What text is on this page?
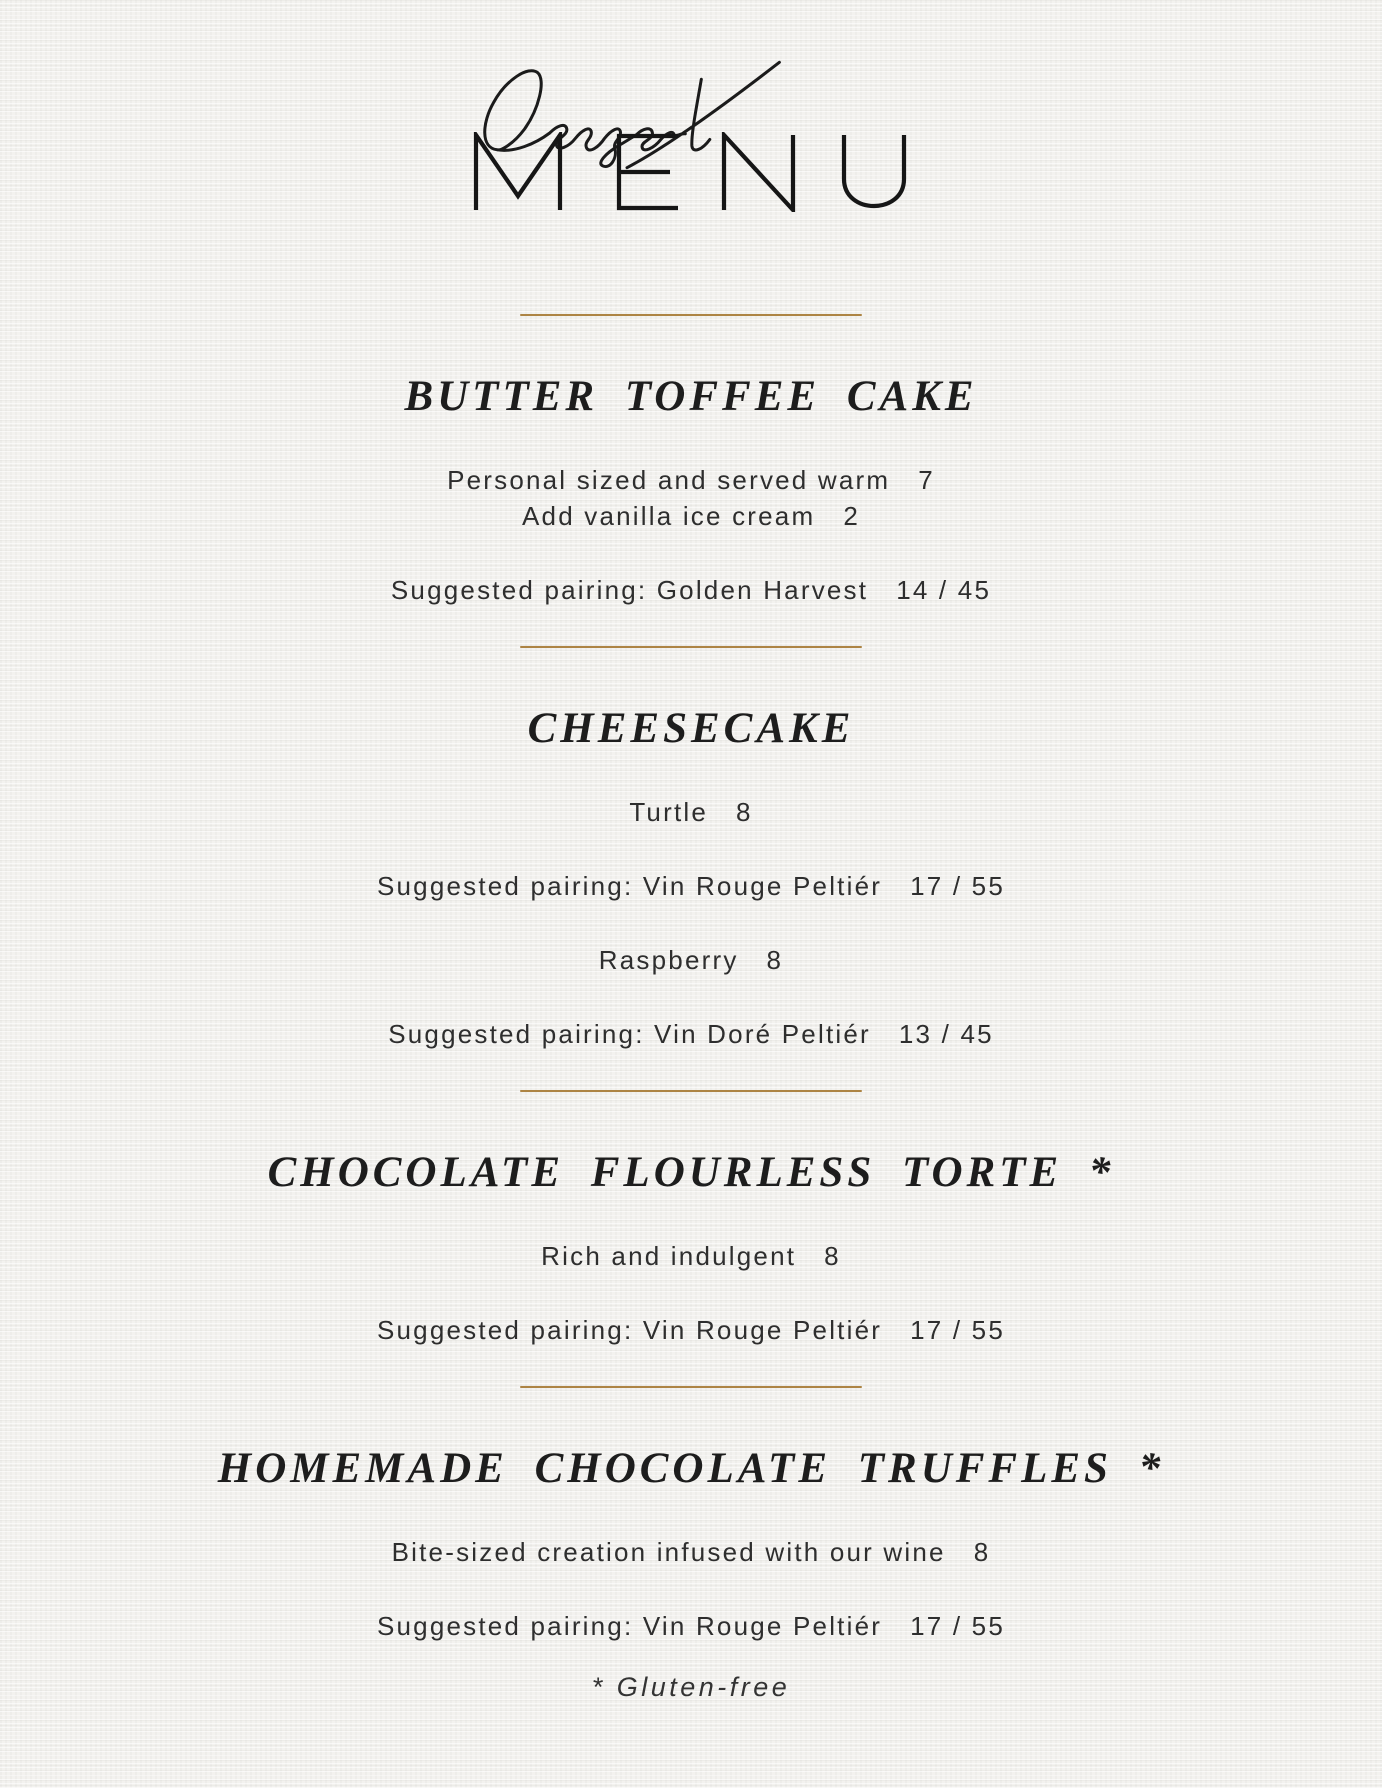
BUTTER TOFFEE CAKE

Personal sized and served warm 7

Add vanilla ice cream 2

Suggested pairing: Golden Harvest 14 / 45

CHEESECAKE

Turtle 8

Suggested pairing: Vin Rouge Peltiér 17 / 55

Raspberry 8

Suggested pairing: Vin Doré Peltiér 13 / 45

CHOCOLATE FLOURLESS TORTE *

Rich and indulgent 8

Suggested pairing: Vin Rouge Peltiér 17 / 55

HOMEMADE CHOCOLATE TRUFFLES *

Bite-sized creation infused with our wine 8

Suggested pairing: Vin Rouge Peltiér 17 / 55

* Gluten-free
